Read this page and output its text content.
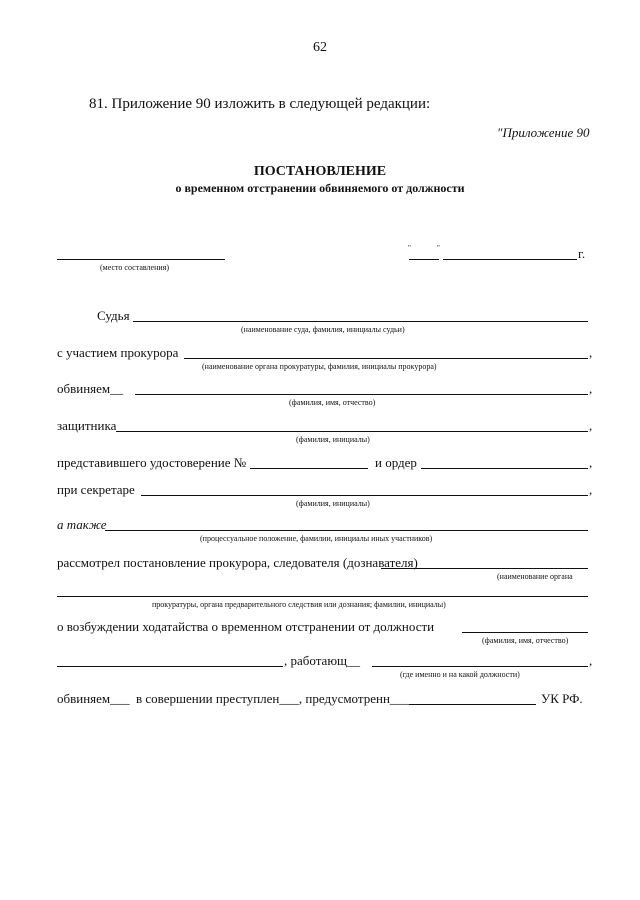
62
81. Приложение 90 изложить в следующей редакции:
"Приложение 90
ПОСТАНОВЛЕНИЕ
о временном отстранении обвиняемого от должности
(место составления)
"	"	г.
Судья
(наименование суда, фамилия, инициалы судьи)
с участием прокурора	,
(наименование органа прокуратуры, фамилия, инициалы прокурора)
обвиняем__	,
(фамилия, имя, отчество)
защитника	,
(фамилия, инициалы)
представившего удостоверение №	и ордер	,
при секретаре	,
(фамилия, инициалы)
а также
(процессуальное положение, фамилии, инициалы иных участников)
рассмотрел постановление прокурора, следователя (дознавателя)
(наименование органа
прокуратуры, органа предварительного следствия или дознания; фамилии, инициалы)
о возбуждении ходатайства о временном отстранении от должности
(фамилия, имя, отчество)
, работающ__	,
(где именно и на какой должности)
обвиняем___ в совершении преступлен___, предусмотренн___	УК РФ.
